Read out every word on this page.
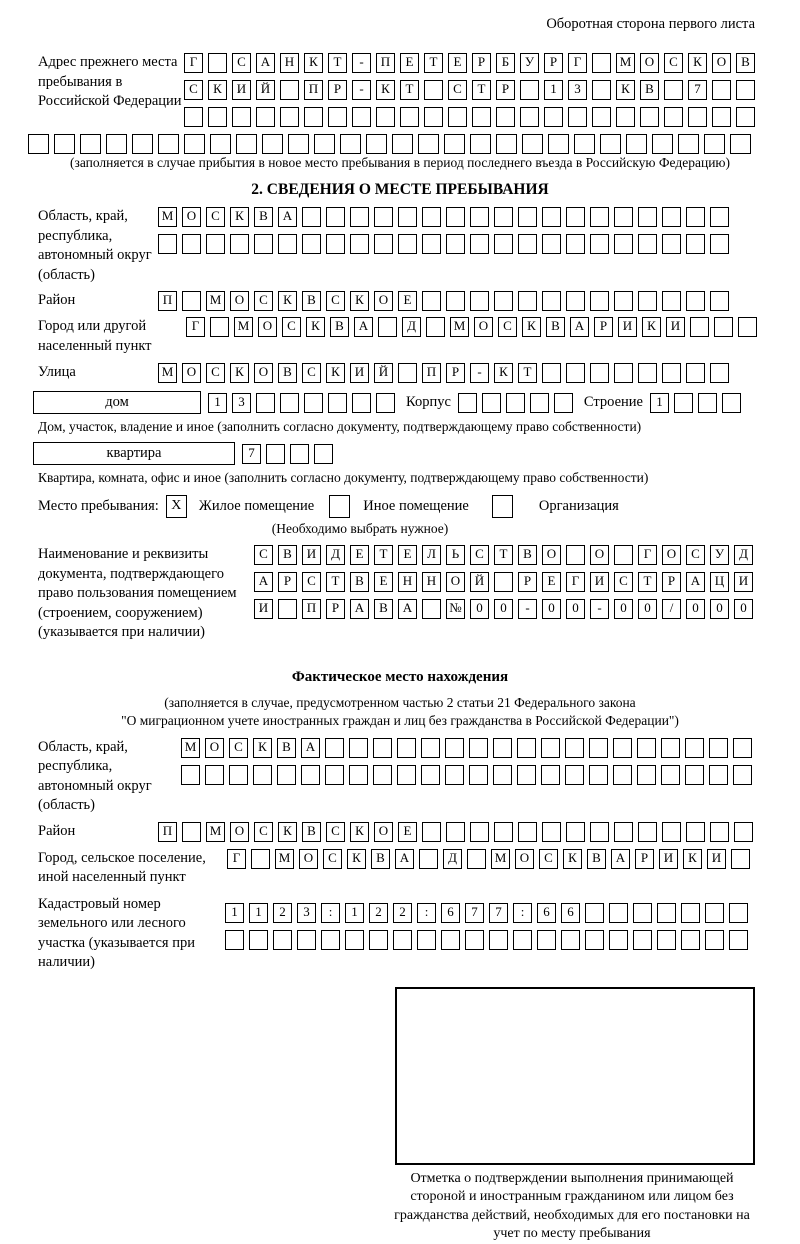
Оборотная сторона первого листа
Адрес прежнего места пребывания в Российской Федерации
Г	С А Н К Т - П Е Т Е Р Б У Р Г	М О С К О В
С К И Й	П Р - К Т	С Т Р	1 3	К В	7
(заполняется в случае прибытия в новое место пребывания в период последнего въезда в Российскую Федерацию)
2. СВЕДЕНИЯ О МЕСТЕ ПРЕБЫВАНИЯ
Область, край, республика, автономный округ (область)
М О С К В А
Район	П	М О С К В С К О Е
Город или другой населенный пункт
Г	М О С К В А	Д	М О С К В А Р И К И
Улица	М О С К О В С К И Й	П Р - К Т
дом	1 3	Корпус	Строение	1
Дом, участок, владение и иное (заполнить согласно документу, подтверждающему право собственности)
квартира	7
Квартира, комната, офис и иное (заполнить согласно документу, подтверждающему право собственности)
Место пребывания: X	Жилое помещение	Иное помещение	Организация
(Необходимо выбрать нужное)
Наименование и реквизиты документа, подтверждающего право пользования помещением (строением, сооружением) (указывается при наличии)
С В И Д Е Т Е Л Ь С Т В О	О	Г О С У Д
А Р С Т В Е Н Н О Й	Р Е Г И С Т Р А Ц И
И	П Р А В А	№ 0 0 - 0 0 - 0 0 / 0 0 0
Фактическое место нахождения
(заполняется в случае, предусмотренном частью 2 статьи 21 Федерального закона
"О миграционном учете иностранных граждан и лиц без гражданства в Российской Федерации")
Область, край, республика, автономный округ (область)
М О С К В А
Район	П	М О С К В С К О Е
Город, сельское поселение, иной населенный пункт
Г	М О С К В А	Д	М О С К В А Р И К И
Кадастровый номер земельного или лесного участка (указывается при наличии)
1 1 2 3 : 1 2 2 : 6 7 7 : 6 6
Отметка о подтверждении выполнения принимающей стороной и иностранным гражданином или лицом без гражданства действий, необходимых для его постановки на учет по месту пребывания
